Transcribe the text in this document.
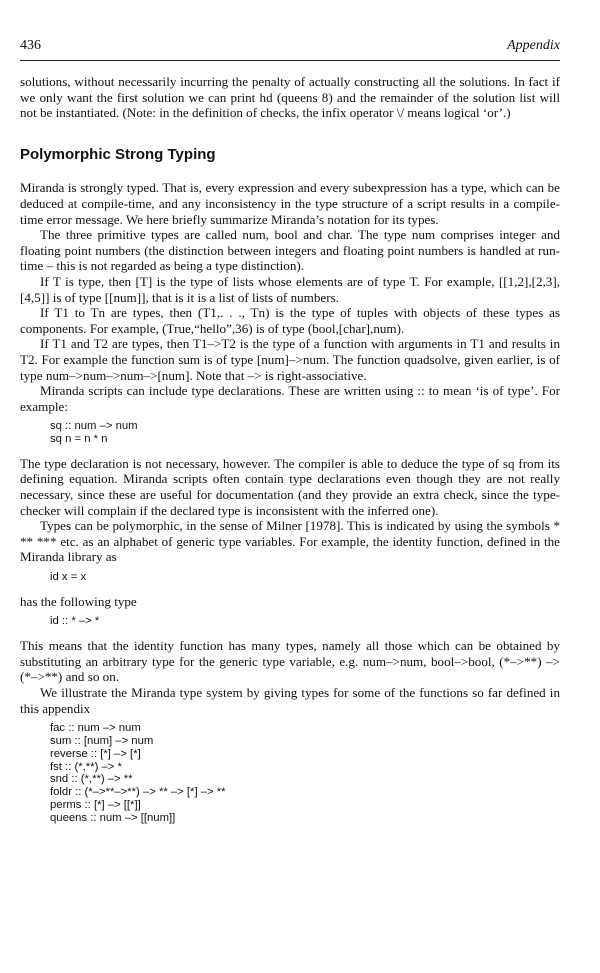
436	Appendix

solutions, without necessarily incurring the penalty of actually constructing all the solutions. In fact if we only want the first solution we can print hd (queens 8) and the remainder of the solution list will not be instantiated. (Note: in the definition of checks, the infix operator \/ means logical ‘or’.)

Polymorphic Strong Typing

Miranda is strongly typed. That is, every expression and every subexpression has a type, which can be deduced at compile-time, and any inconsistency in the type structure of a script results in a compile-time error message. We here briefly summarize Miranda’s notation for its types.

The three primitive types are called num, bool and char. The type num comprises integer and floating point numbers (the distinction between integers and floating point numbers is handled at run-time – this is not regarded as being a type distinction).

If T is type, then [T] is the type of lists whose elements are of type T. For example, [[1,2],[2,3],[4,5]] is of type [[num]], that is it is a list of lists of numbers.

If T1 to Tn are types, then (T1,. . ., Tn) is the type of tuples with objects of these types as components. For example, (True,“hello”,36) is of type (bool,[char],num).

If T1 and T2 are types, then T1–>T2 is the type of a function with arguments in T1 and results in T2. For example the function sum is of type [num]–>num. The function quadsolve, given earlier, is of type num–>num–>num–>[num]. Note that –> is right-associative.

Miranda scripts can include type declarations. These are written using :: to mean ‘is of type’. For example:

sq :: num –> num
sq n = n * n

The type declaration is not necessary, however. The compiler is able to deduce the type of sq from its defining equation. Miranda scripts often contain type declarations even though they are not really necessary, since these are useful for documentation (and they provide an extra check, since the type-checker will complain if the declared type is inconsistent with the inferred one).

Types can be polymorphic, in the sense of Milner [1978]. This is indicated by using the symbols * ** *** etc. as an alphabet of generic type variables. For example, the identity function, defined in the Miranda library as

id x = x

has the following type

id :: * –> *

This means that the identity function has many types, namely all those which can be obtained by substituting an arbitrary type for the generic type variable, e.g. num–>num, bool–>bool, (*–>**) –> (*–>**) and so on.

We illustrate the Miranda type system by giving types for some of the functions so far defined in this appendix

fac :: num –> num
sum :: [num] –> num
reverse :: [*] –> [*]
fst :: (*,**) –> *
snd :: (*,**) –> **
foldr :: (*–>**–>**) –> ** –> [*] –> **
perms :: [*] –> [[*]]
queens :: num –> [[num]]
